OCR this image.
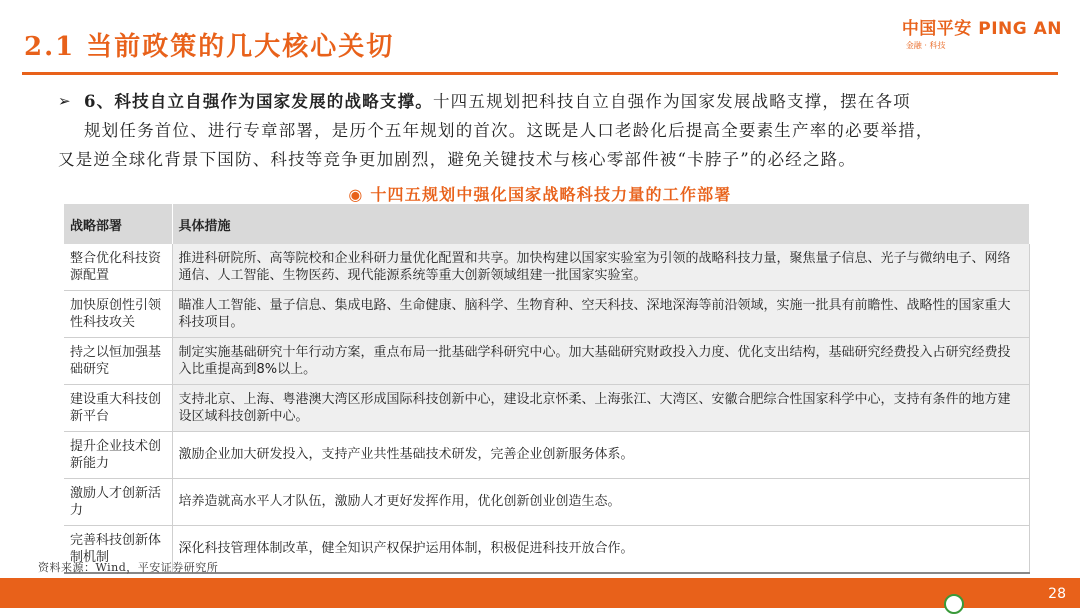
2.1 当前政策的几大核心关切
中国平安 PING AN
金融 · 科技
➢ 6、科技自立自强作为国家发展的战略支撑。十四五规划把科技自立自强作为国家发展战略支撑，摆在各项
规划任务首位、进行专章部署，是历个五年规划的首次。这既是人口老龄化后提高全要素生产率的必要举措，
又是逆全球化背景下国防、科技等竞争更加剧烈，避免关键技术与核心零部件被“卡脖子”的必经之路。
◉ 十四五规划中强化国家战略科技力量的工作部署
战略部署	具体措施
整合优化科技资源配置	推进科研院所、高等院校和企业科研力量优化配置和共享。加快构建以国家实验室为引领的战略科技力量，聚焦量子信息、光子与微纳电子、网络通信、人工智能、生物医药、现代能源系统等重大创新领域组建一批国家实验室。
加快原创性引领性科技攻关	瞄准人工智能、量子信息、集成电路、生命健康、脑科学、生物育种、空天科技、深地深海等前沿领域，实施一批具有前瞻性、战略性的国家重大科技项目。
持之以恒加强基础研究	制定实施基础研究十年行动方案，重点布局一批基础学科研究中心。加大基础研究财政投入力度、优化支出结构，基础研究经费投入占研究经费投入比重提高到8%以上。
建设重大科技创新平台	支持北京、上海、粤港澳大湾区形成国际科技创新中心，建设北京怀柔、上海张江、大湾区、安徽合肥综合性国家科学中心，支持有条件的地方建设区域科技创新中心。
提升企业技术创新能力	激励企业加大研发投入，支持产业共性基础技术研发，完善企业创新服务体系。
激励人才创新活力	培养造就高水平人才队伍，激励人才更好发挥作用，优化创新创业创造生态。
完善科技创新体制机制	深化科技管理体制改革，健全知识产权保护运用体制，积极促进科技开放合作。
资料来源：Wind，平安证券研究所
28
